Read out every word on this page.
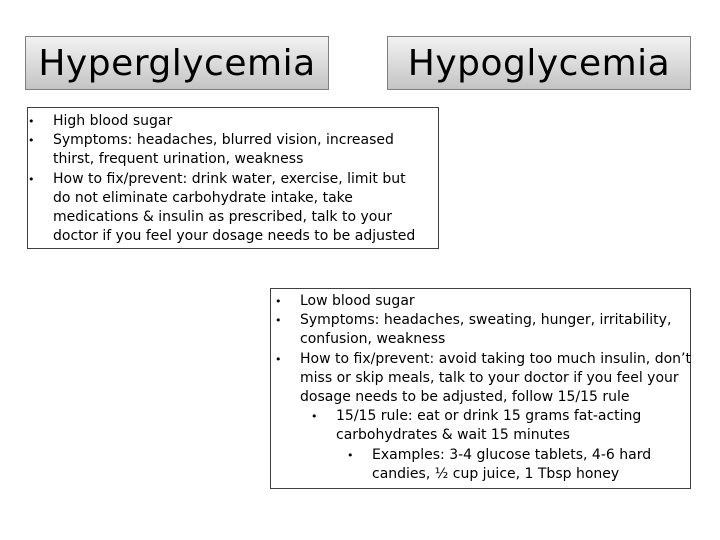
Hyperglycemia	Hypoglycemia
• High blood sugar
• Symptoms: headaches, blurred vision, increased thirst, frequent urination, weakness
• How to fix/prevent: drink water, exercise, limit but do not eliminate carbohydrate intake, take medications & insulin as prescribed, talk to your doctor if you feel your dosage needs to be adjusted
• Low blood sugar
• Symptoms: headaches, sweating, hunger, irritability, confusion, weakness
• How to fix/prevent: avoid taking too much insulin, don’t miss or skip meals, talk to your doctor if you feel your dosage needs to be adjusted, follow 15/15 rule
• 15/15 rule: eat or drink 15 grams fat-acting carbohydrates & wait 15 minutes
• Examples: 3-4 glucose tablets, 4-6 hard candies, ½ cup juice, 1 Tbsp honey
